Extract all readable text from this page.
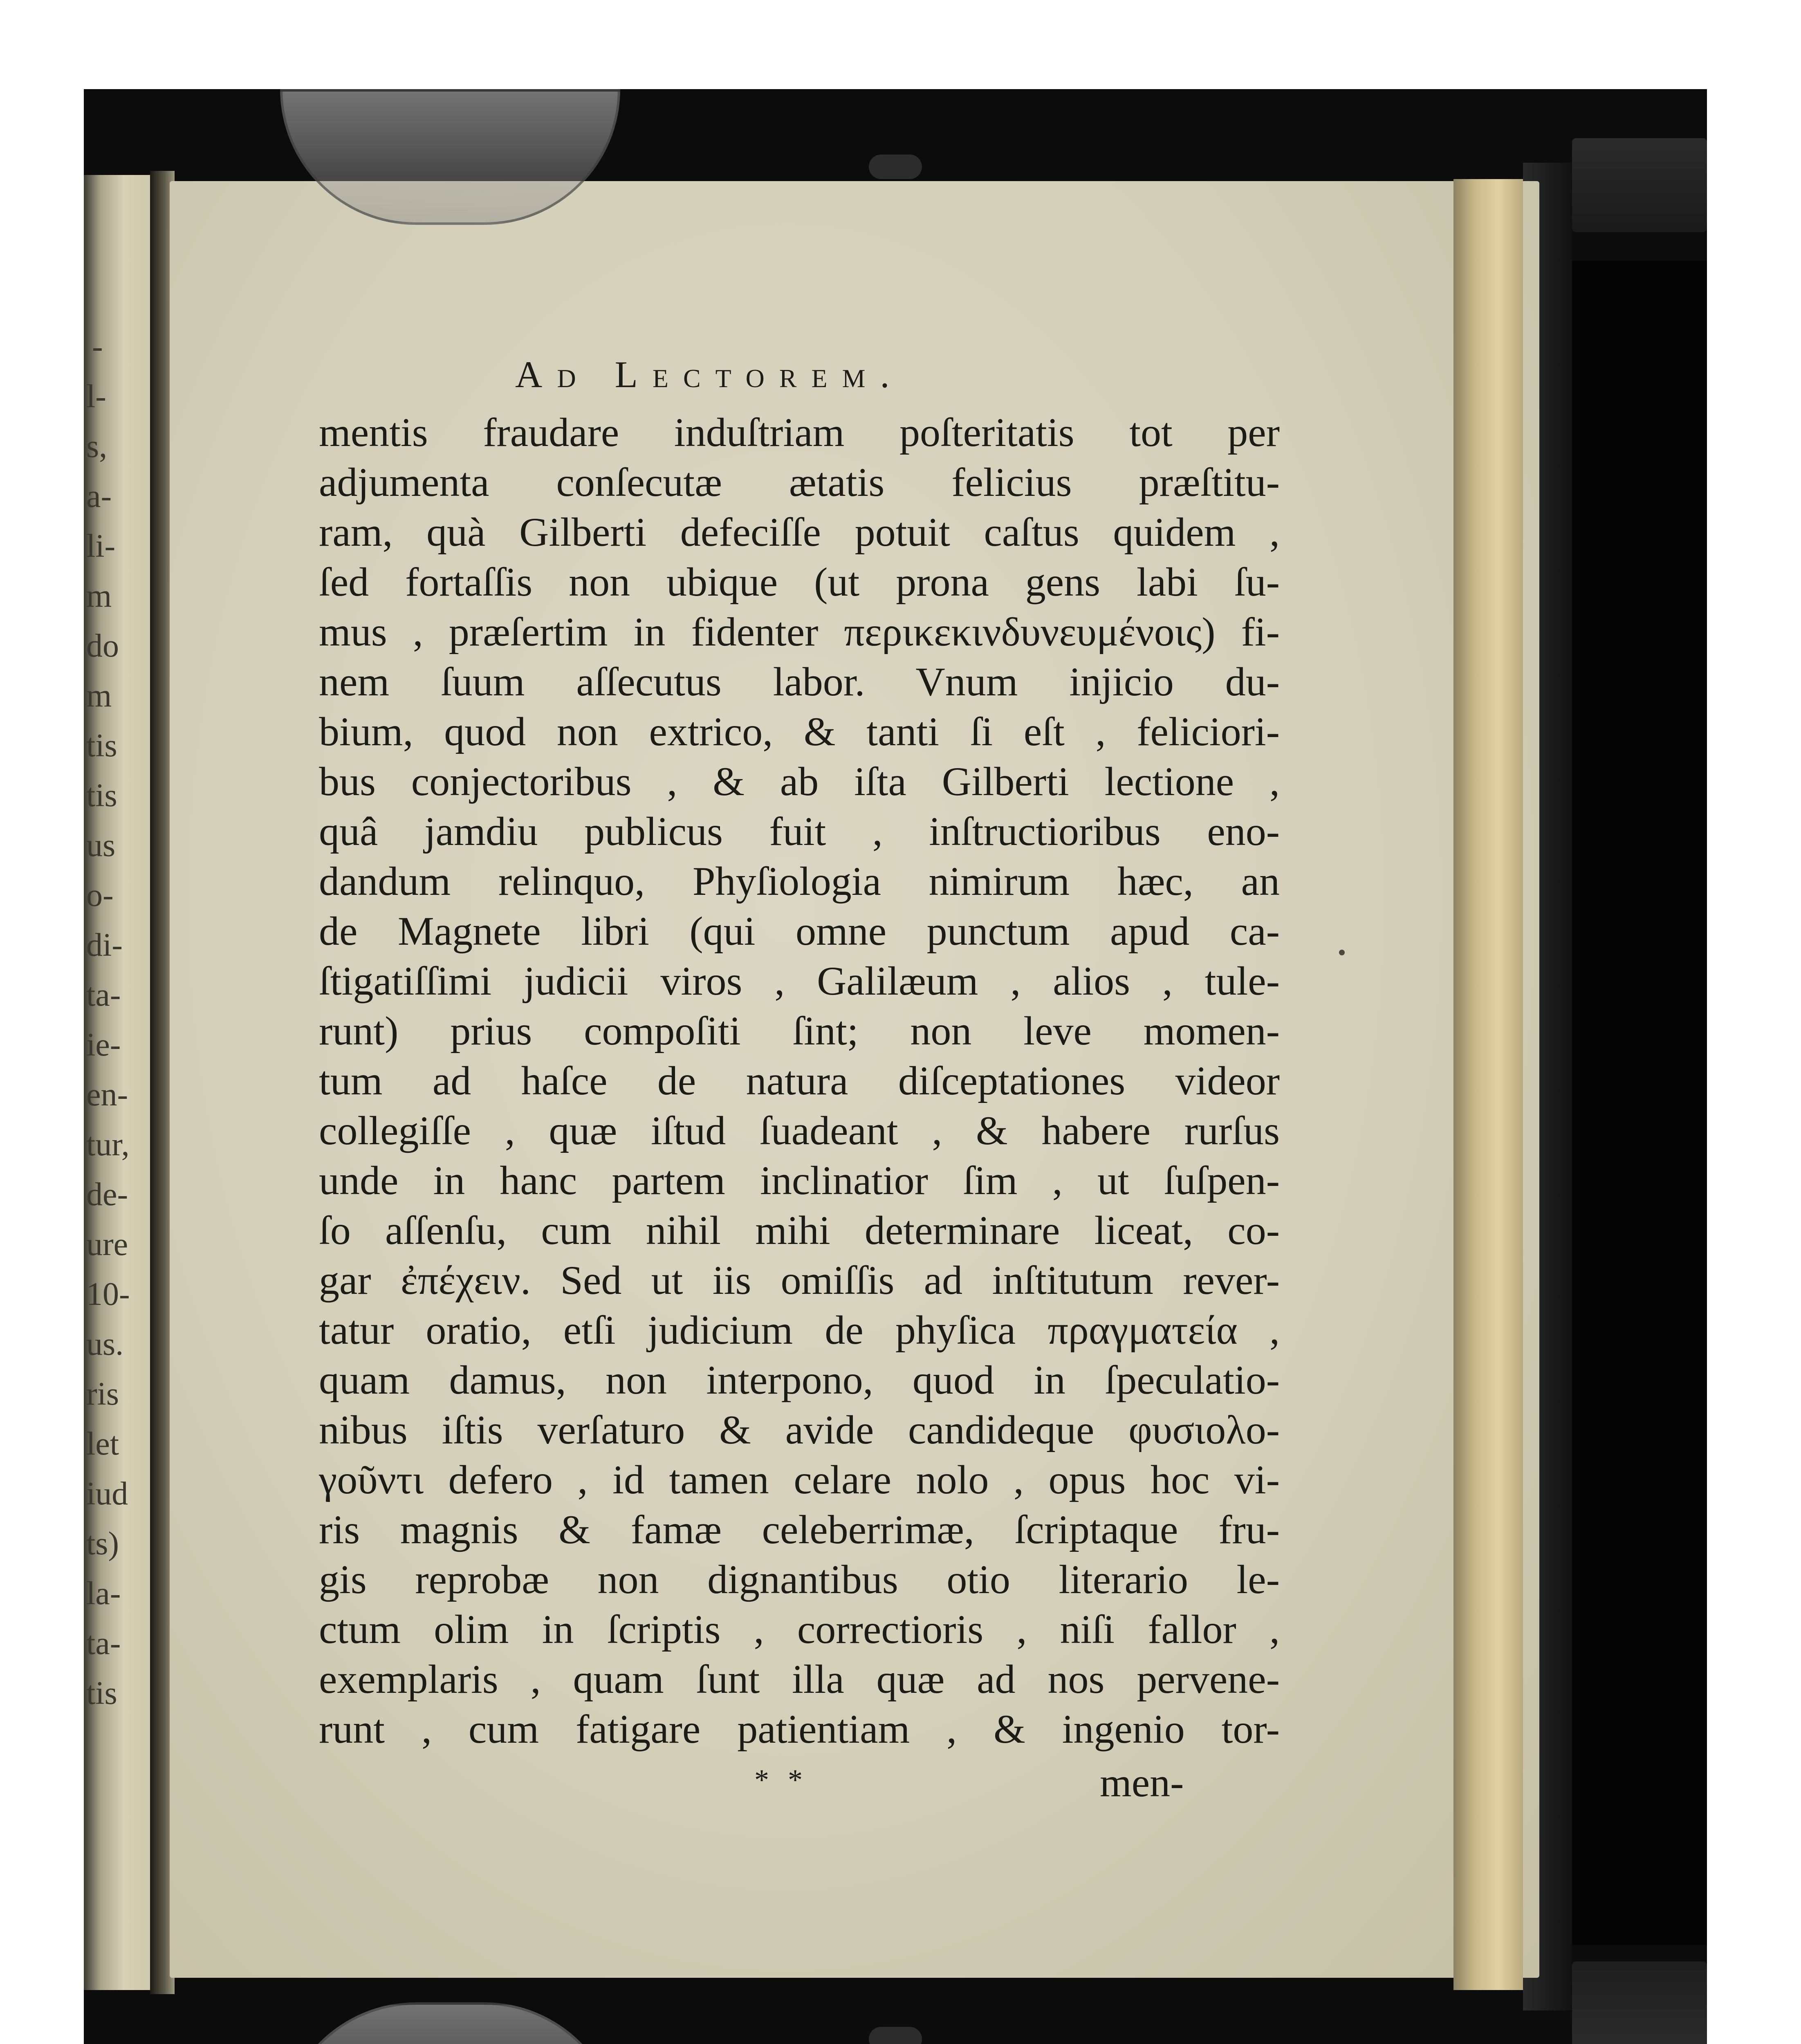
-
l-
s,
a-
li-
m
do
m
tis
tis
us
o-
di-
ta-
ie-
en-
tur,
de-
ure
10-
us.
ris
let
iud
ts)
la-
ta-
tis
Ad Lectorem.
mentis fraudare induſtriam poſteritatis tot per
adjumenta conſecutæ ætatis felicius præſtitu-
ram, quà Gilberti defeciſſe potuit caſtus quidem ,
ſed fortaſſis non ubique (ut prona gens labi ſu-
mus , præſertim in fidenter περικεκινδυνευμένοις) fi-
nem ſuum aſſecutus labor. Vnum injicio du-
bium, quod non extrico, & tanti ſi eſt , feliciori-
bus conjectoribus , & ab iſta Gilberti lectione ,
quâ jamdiu publicus fuit , inſtructioribus eno-
dandum relinquo, Phyſiologia nimirum hæc, an
de Magnete libri (qui omne punctum apud ca-
ſtigatiſſimi judicii viros , Galilæum , alios , tule-
runt) prius compoſiti ſint; non leve momen-
tum ad haſce de natura diſceptationes videor
collegiſſe , quæ iſtud ſuadeant , & habere rurſus
unde in hanc partem inclinatior ſim , ut ſuſpen-
ſo aſſenſu, cum nihil mihi determinare liceat, co-
gar ἐπέχειν. Sed ut iis omiſſis ad inſtitutum rever-
tatur oratio, etſi judicium de phyſica πραγματεία ,
quam damus, non interpono, quod in ſpeculatio-
nibus iſtis verſaturo & avide candideque φυσιολο-
γοῦντι defero , id tamen celare nolo , opus hoc vi-
ris magnis & famæ celeberrimæ, ſcriptaque fru-
gis reprobæ non dignantibus otio literario le-
ctum olim in ſcriptis , correctioris , niſi fallor ,
exemplaris , quam ſunt illa quæ ad nos pervene-
runt , cum fatigare patientiam , & ingenio tor-
* *	men-
